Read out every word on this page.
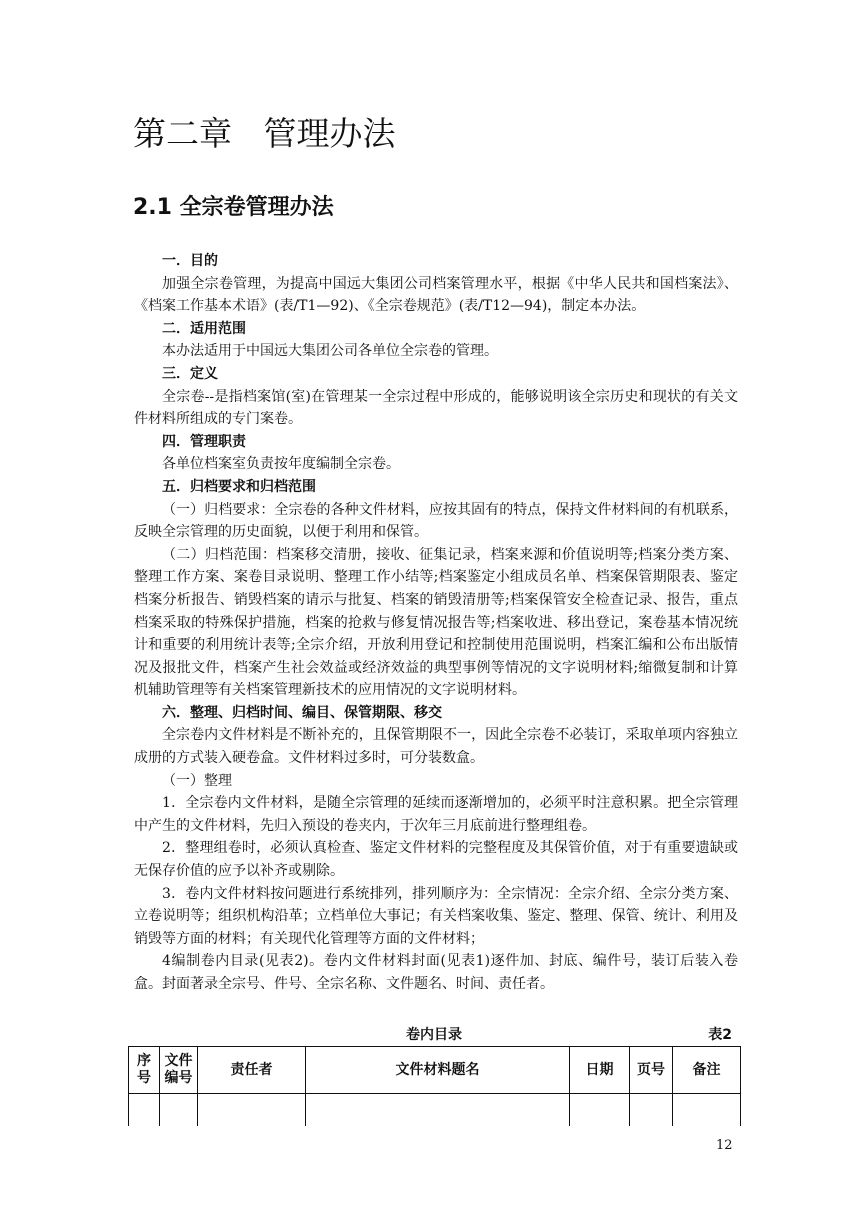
第二章   管理办法
2.1 全宗卷管理办法

一．目的

加强全宗卷管理，为提高中国远大集团公司档案管理水平，根据《中华人民共和国档案法》、《档案工作基本术语》(表/T1—92)、《全宗卷规范》(表/T12—94)，制定本办法。

二．适用范围

本办法适用于中国远大集团公司各单位全宗卷的管理。

三．定义

全宗卷--是指档案馆(室)在管理某一全宗过程中形成的，能够说明该全宗历史和现状的有关文件材料所组成的专门案卷。

四．管理职责

各单位档案室负责按年度编制全宗卷。

五．归档要求和归档范围

（一）归档要求：全宗卷的各种文件材料，应按其固有的特点，保持文件材料间的有机联系，反映全宗管理的历史面貌，以便于利用和保管。

（二）归档范围：档案移交清册，接收、征集记录，档案来源和价值说明等;档案分类方案、整理工作方案、案卷目录说明、整理工作小结等;档案鉴定小组成员名单、档案保管期限表、鉴定档案分析报告、销毁档案的请示与批复、档案的销毁清册等;档案保管安全检查记录、报告，重点档案采取的特殊保护措施，档案的抢救与修复情况报告等;档案收进、移出登记，案卷基本情况统计和重要的利用统计表等;全宗介绍，开放利用登记和控制使用范围说明，档案汇编和公布出版情况及报批文件，档案产生社会效益或经济效益的典型事例等情况的文字说明材料;缩微复制和计算机辅助管理等有关档案管理新技术的应用情况的文字说明材料。

六．整理、归档时间、编目、保管期限、移交

全宗卷内文件材料是不断补充的，且保管期限不一，因此全宗卷不必装订，采取单项内容独立成册的方式装入硬卷盒。文件材料过多时，可分装数盒。

（一）整理

1．全宗卷内文件材料，是随全宗管理的延续而逐渐增加的，必须平时注意积累。把全宗管理中产生的文件材料，先归入预设的卷夹内，于次年三月底前进行整理组卷。

2．整理组卷时，必须认真检查、鉴定文件材料的完整程度及其保管价值，对于有重要遗缺或无保存价值的应予以补齐或剔除。

3．卷内文件材料按问题进行系统排列，排列顺序为：全宗情况：全宗介绍、全宗分类方案、立卷说明等；组织机构沿革；立档单位大事记；有关档案收集、鉴定、整理、保管、统计、利用及销毁等方面的材料；有关现代化管理等方面的文件材料；

4编制卷内目录(见表2)。卷内文件材料封面(见表1)逐件加、封底、编件号，装订后装入卷盒。封面著录全宗号、件号、全宗名称、文件题名、时间、责任者。

卷内目录	表2
序号	文件编号	责任者	文件材料题名	日期	页号	备注

12
